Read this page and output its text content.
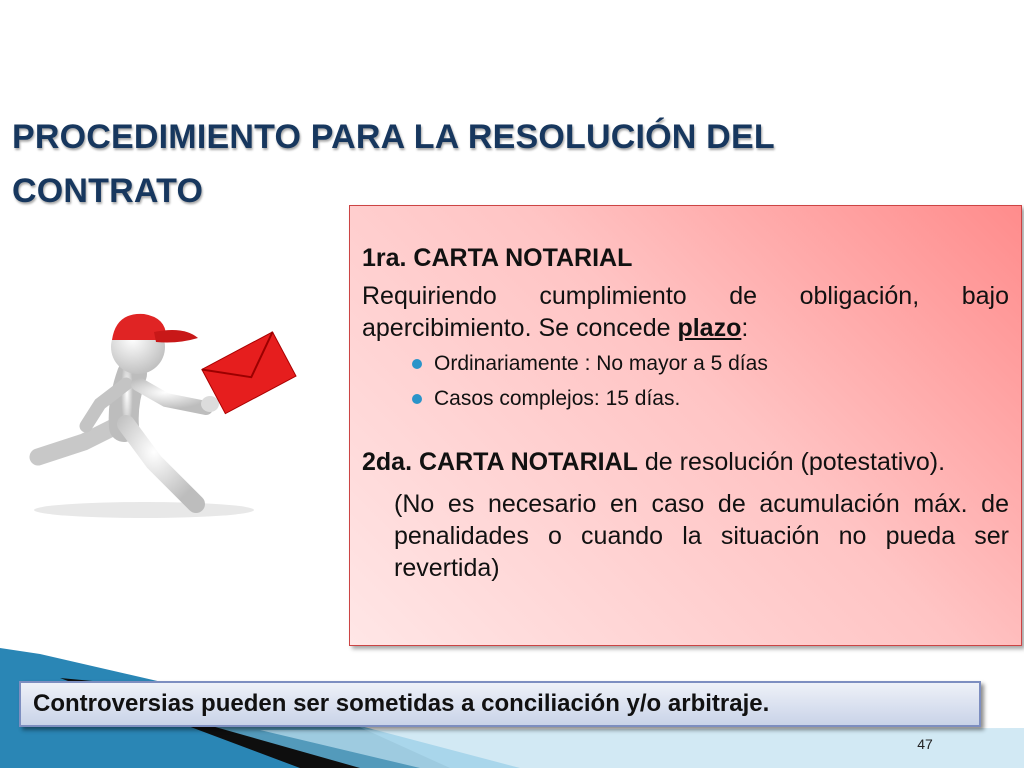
PROCEDIMIENTO PARA LA RESOLUCIÓN DEL
CONTRATO

1ra. CARTA NOTARIAL

Requiriendo cumplimiento de obligación, bajo apercibimiento. Se concede plazo:

Ordinariamente : No mayor a 5 días
Casos complejos: 15 días.

2da. CARTA NOTARIAL de resolución (potestativo).

(No es necesario en caso de acumulación máx. de penalidades o cuando la situación no pueda ser revertida)

Controversias pueden ser sometidas a conciliación y/o arbitraje.
47
